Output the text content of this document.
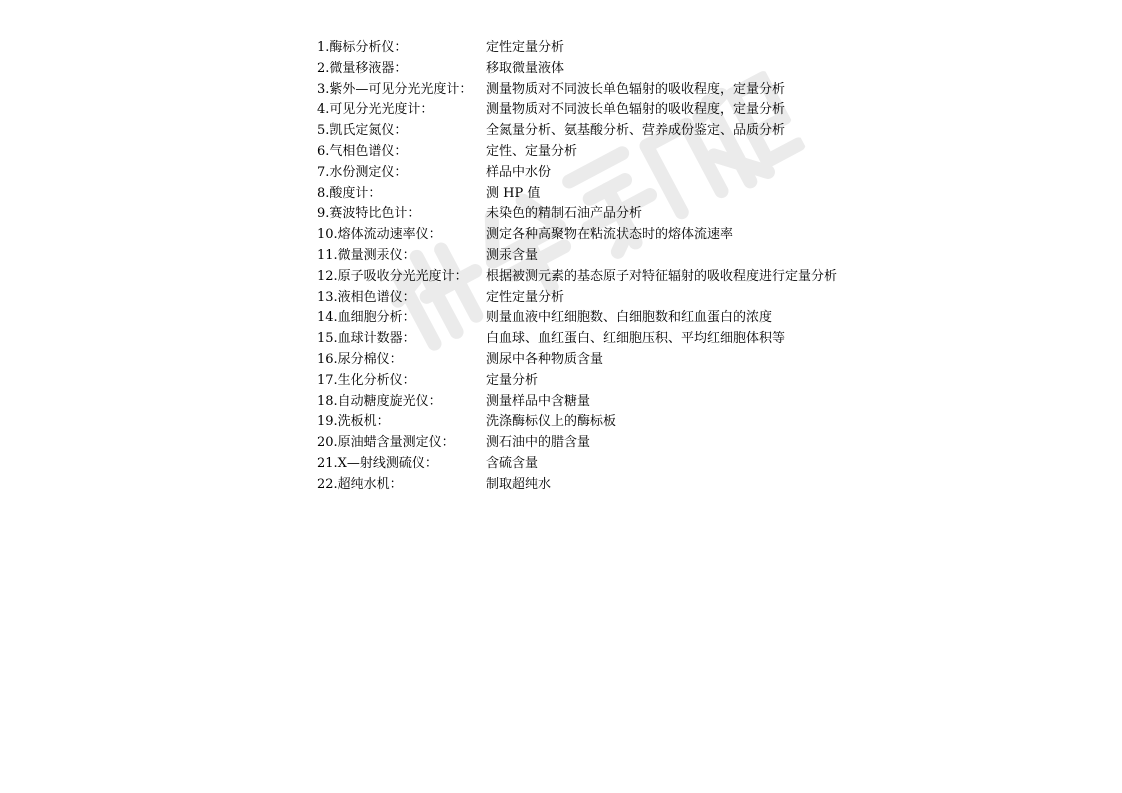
1.酶标分析仪：	定性定量分析
2.微量移液器：	移取微量液体
3.紫外—可见分光光度计： 测量物质对不同波长单色辐射的吸收程度，定量分析
4.可见分光光度计：	测量物质对不同波长单色辐射的吸收程度，定量分析
5.凯氏定氮仪：	全氮量分析、氨基酸分析、营养成份鉴定、品质分析
6.气相色谱仪：	定性、定量分析
7.水份测定仪：	样品中水份
8.酸度计：	测 HP 值
9.赛波特比色计：	未染色的精制石油产品分析
10.熔体流动速率仪：	测定各种高聚物在粘流状态时的熔体流速率
11.微量测汞仪：	测汞含量
12.原子吸收分光光度计： 根据被测元素的基态原子对特征辐射的吸收程度进行定量分析
13.液相色谱仪：	定性定量分析
14.血细胞分析：	则量血液中红细胞数、白细胞数和红血蛋白的浓度
15.血球计数器：	白血球、血红蛋白、红细胞压积、平均红细胞体积等
16.尿分棉仪：	测尿中各种物质含量
17.生化分析仪：	定量分析
18.自动糖度旋光仪：	测量样品中含糖量
19.洗板机：	洗涤酶标仪上的酶标板
20.原油蜡含量测定仪： 测石油中的腊含量
21.X—射线测硫仪：	含硫含量
22.超纯水机：	制取超纯水
